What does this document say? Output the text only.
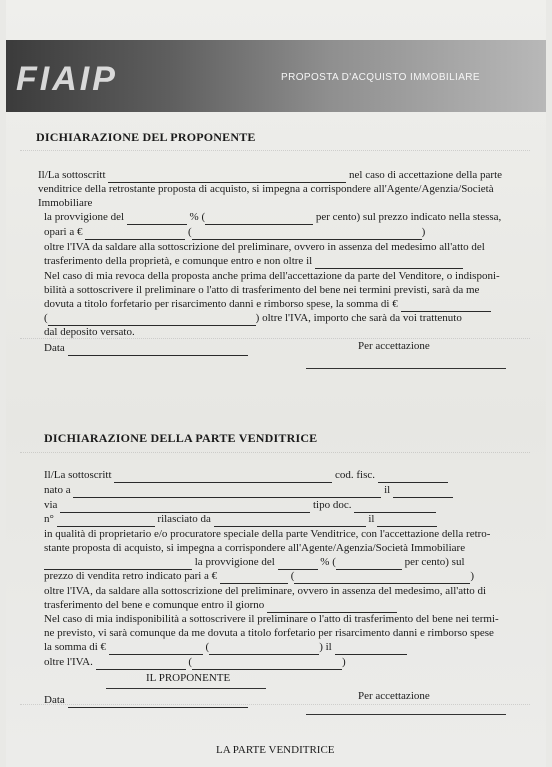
FIAIP	PROPOSTA D'ACQUISTO IMMOBILIARE
DICHIARAZIONE DEL PROPONENTE
Il/La sottoscritt	nel caso di accettazione della parte
venditrice della retrostante proposta di acquisto, si impegna a corrispondere all'Agente/Agenzia/Società
Immobiliare
la provvigione del	% (	per cento) sul prezzo indicato nella stessa,
opari a €	(	)
oltre l'IVA da saldare alla sottoscrizione del preliminare, ovvero in assenza del medesimo all'atto del
trasferimento della proprietà, e comunque entro e non oltre il
Nel caso di mia revoca della proposta anche prima dell'accettazione da parte del Venditore, o indisponi-
bilità a sottoscrivere il preliminare o l'atto di trasferimento del bene nei termini previsti, sarà da me
dovuta a titolo forfetario per risarcimento danni e rimborso spese, la somma di €
(	) oltre l'IVA, importo che sarà da voi trattenuto
dal deposito versato.
Data	Per accettazione
DICHIARAZIONE DELLA PARTE VENDITRICE
Il/La sottoscritt	cod. fisc.
nato a	il
via	tipo doc.
n°	rilasciato da	il
in qualità di proprietario e/o procuratore speciale della parte Venditrice, con l'accettazione della retro-
stante proposta di acquisto, si impegna a corrispondere all'Agente/Agenzia/Società Immobiliare
la provvigione del	% (	per cento) sul
prezzo di vendita retro indicato pari a €	(	)
oltre l'IVA, da saldare alla sottoscrizione del preliminare, ovvero in assenza del medesimo, all'atto di
trasferimento del bene e comunque entro il giorno
Nel caso di mia indisponibilità a sottoscrivere il preliminare o l'atto di trasferimento del bene nei termi-
ne previsto, vi sarà comunque da me dovuta a titolo forfetario per risarcimento danni e rimborso spese
la somma di €	(	) il
oltre l'IVA.	(	)
IL PROPONENTE
Data	Per accettazione
LA PARTE VENDITRICE
